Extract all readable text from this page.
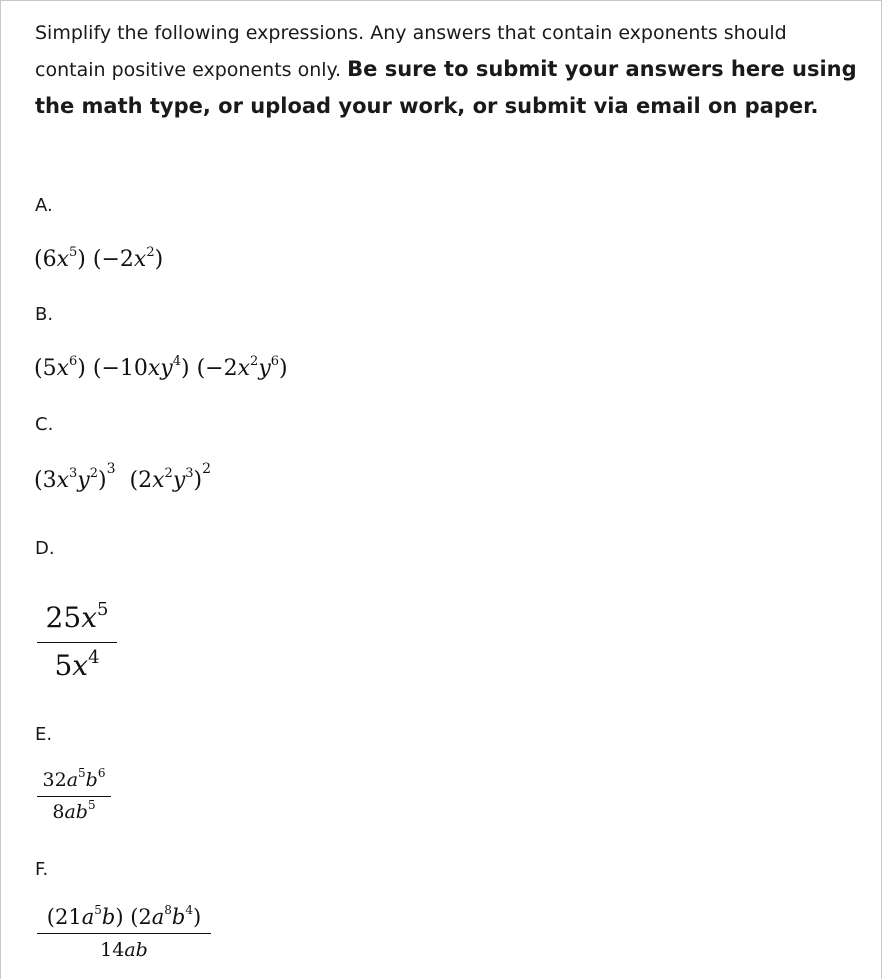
Simplify the following expressions. Any answers that contain exponents should
contain positive exponents only. Be sure to submit your answers here using
the math type, or upload your work, or submit via email on paper.
A.
$(6x^5)$ $(-2x^2)$
B.
$(5x^6)$ $(-10xy^4)$ $(-2x^2y^6)$
C.
$(3x^3y^2)^3$ $(2x^2y^3)^2$
D.
$25x^5$
$5x^4$
E.
$32a^5b^6$
$8ab^5$
F.
$(21a^5b)$ $(2a^8b^4)$
14ab
